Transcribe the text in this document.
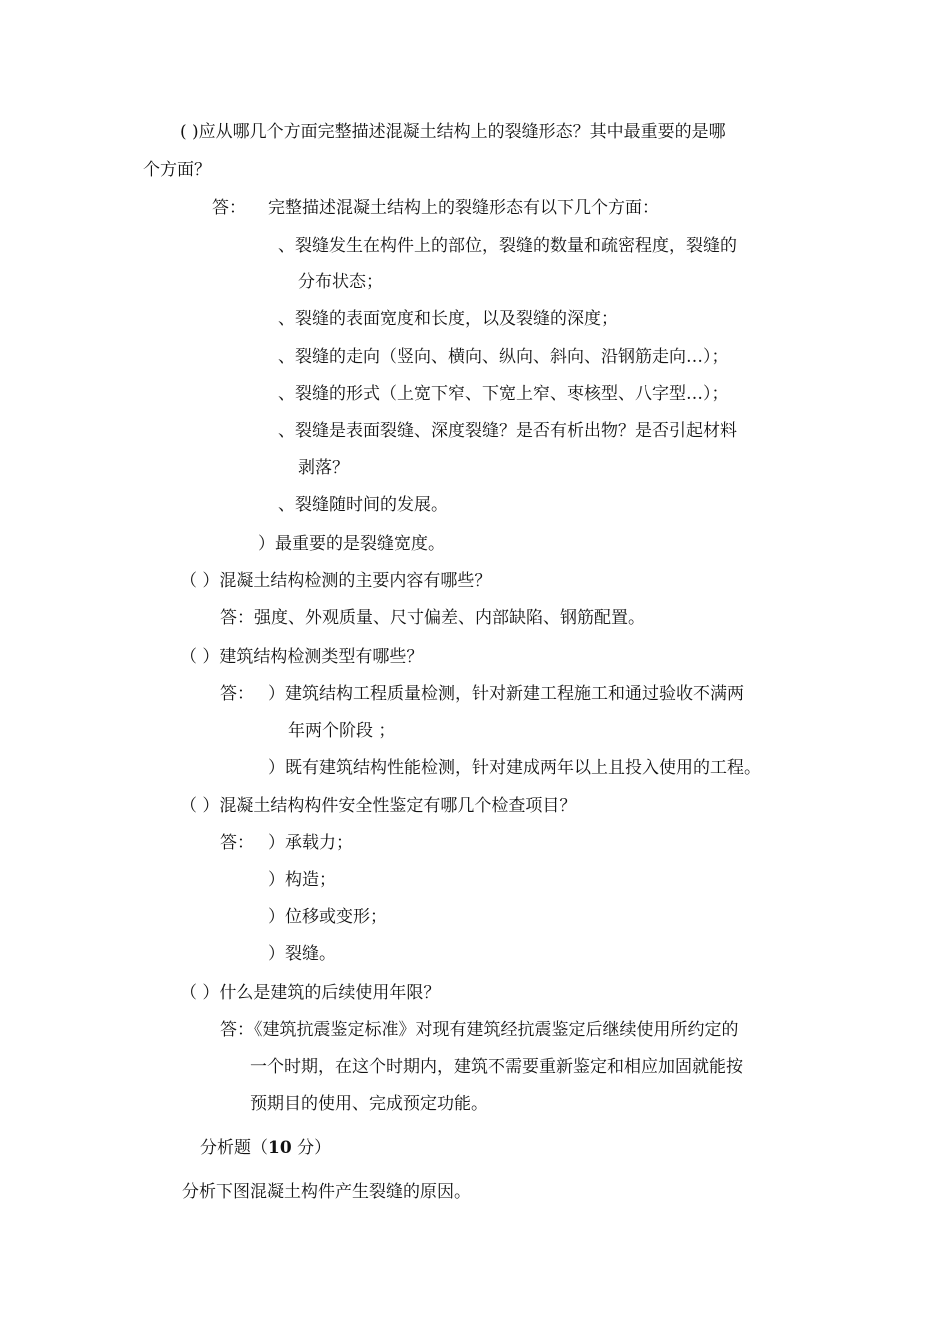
( )应从哪几个方面完整描述混凝土结构上的裂缝形态？其中最重要的是哪
个方面？
答： 完整描述混凝土结构上的裂缝形态有以下几个方面：
、裂缝发生在构件上的部位，裂缝的数量和疏密程度，裂缝的
分布状态；
、裂缝的表面宽度和长度，以及裂缝的深度；
、裂缝的走向（竖向、横向、纵向、斜向、沿钢筋走向…）；
、裂缝的形式（上宽下窄、下宽上窄、枣核型、八字型…）；
、裂缝是表面裂缝、深度裂缝？是否有析出物？是否引起材料
剥落？
、裂缝随时间的发展。
）最重要的是裂缝宽度。
（ ）混凝土结构检测的主要内容有哪些？
答：强度、外观质量、尺寸偏差、内部缺陷、钢筋配置。
（ ）建筑结构检测类型有哪些？
答： ）建筑结构工程质量检测，针对新建工程施工和通过验收不满两
年两个阶段 ；
）既有建筑结构性能检测，针对建成两年以上且投入使用的工程。
（ ）混凝土结构构件安全性鉴定有哪几个检查项目？
答： ）承载力；
）构造；
）位移或变形；
）裂缝。
（ ）什么是建筑的后续使用年限？
答：《建筑抗震鉴定标准》对现有建筑经抗震鉴定后继续使用所约定的
一个时期，在这个时期内，建筑不需要重新鉴定和相应加固就能按
预期目的使用、完成预定功能。
分析题（10 分）
分析下图混凝土构件产生裂缝的原因。
